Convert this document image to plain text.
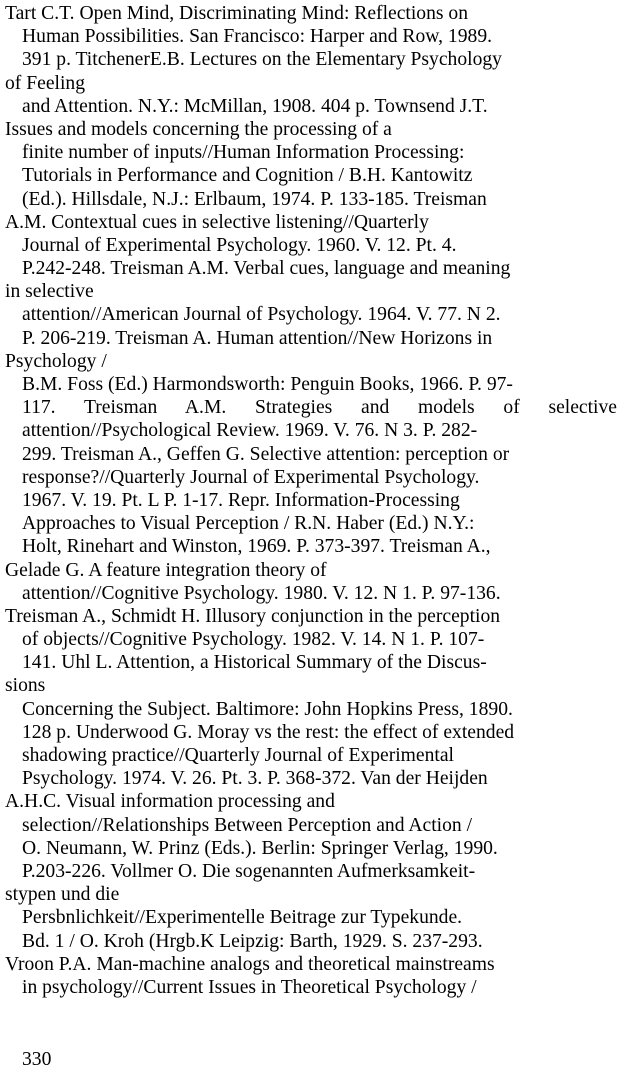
Tart C.T. Open Mind, Discriminating Mind: Reflections on
Human Possibilities. San Francisco: Harper and Row, 1989.
391 p. TitchenerE.B. Lectures on the Elementary Psychology
of Feeling
and Attention. N.Y.: McMillan, 1908. 404 p. Townsend J.T.
Issues and models concerning the processing of a
finite number of inputs//Human Information Processing:
Tutorials in Performance and Cognition / B.H. Kantowitz
(Ed.). Hillsdale, N.J.: Erlbaum, 1974. P. 133-185. Treisman
A.M. Contextual cues in selective listening//Quarterly
Journal of Experimental Psychology. 1960. V. 12. Pt. 4.
P.242-248. Treisman A.M. Verbal cues, language and meaning
in selective
attention//American Journal of Psychology. 1964. V. 77. N 2.
P. 206-219. Treisman A. Human attention//New Horizons in
Psychology /
B.M. Foss (Ed.) Harmondsworth: Penguin Books, 1966. P. 97-
117. Treisman A.M. Strategies and models of selective
attention//Psychological Review. 1969. V. 76. N 3. P. 282-
299. Treisman A., Geffen G. Selective attention: perception or
response?//Quarterly Journal of Experimental Psychology.
1967. V. 19. Pt. L P. 1-17. Repr. Information-Processing
Approaches to Visual Perception / R.N. Haber (Ed.) N.Y.:
Holt, Rinehart and Winston, 1969. P. 373-397. Treisman A.,
Gelade G. A feature integration theory of
attention//Cognitive Psychology. 1980. V. 12. N 1. P. 97-136.
Treisman A., Schmidt H. Illusory conjunction in the perception
of objects//Cognitive Psychology. 1982. V. 14. N 1. P. 107-
141. Uhl L. Attention, a Historical Summary of the Discus-
sions
Concerning the Subject. Baltimore: John Hopkins Press, 1890.
128 p. Underwood G. Moray vs the rest: the effect of extended
shadowing practice//Quarterly Journal of Experimental
Psychology. 1974. V. 26. Pt. 3. P. 368-372. Van der Heijden
A.H.C. Visual information processing and
selection//Relationships Between Perception and Action /
O. Neumann, W. Prinz (Eds.). Berlin: Springer Verlag, 1990.
P.203-226. Vollmer O. Die sogenannten Aufmerksamkeit-
stypen und die
Persbnlichkeit//Experimentelle Beitrage zur Typekunde.
Bd. 1 / O. Kroh (Hrgb.K Leipzig: Barth, 1929. S. 237-293.
Vroon P.A. Man-machine analogs and theoretical mainstreams
in psychology//Current Issues in Theoretical Psychology /
330
